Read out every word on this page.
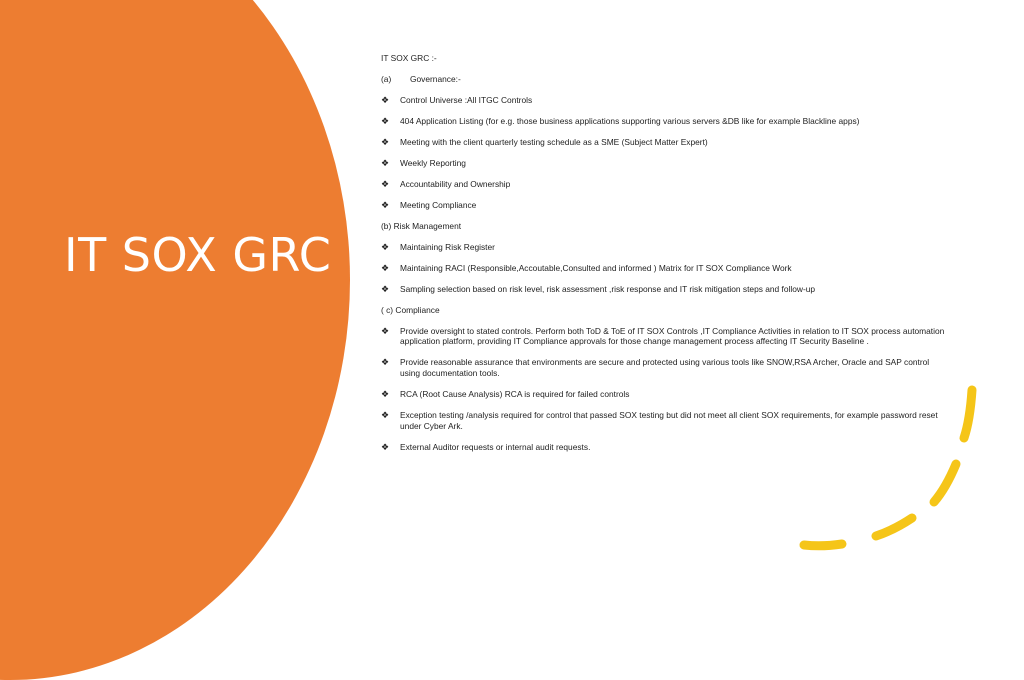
IT SOX GRC
IT SOX GRC :-
(a) Governance:-
❖	Control Universe :All ITGC Controls
❖	404 Application Listing (for e.g. those business applications supporting various servers &DB like for example Blackline apps)
❖	Meeting with the client quarterly testing schedule as a SME (Subject Matter Expert)
❖	Weekly Reporting
❖	Accountability and Ownership
❖	Meeting Compliance
(b) Risk Management
❖	Maintaining Risk Register
❖	Maintaining RACI (Responsible,Accoutable,Consulted and informed ) Matrix for IT SOX Compliance Work
❖	Sampling selection based on risk level, risk assessment ,risk response and IT risk mitigation steps and follow-up
( c) Compliance
❖	Provide oversight to stated controls. Perform both ToD & ToE of IT SOX Controls ,IT Compliance Activities in relation to IT SOX process automation application platform, providing IT Compliance approvals for those change management process affecting IT Security Baseline .
❖	Provide reasonable assurance that environments are secure and protected using various tools like SNOW,RSA Archer, Oracle and SAP control using documentation tools.
❖	RCA (Root Cause Analysis) RCA is required for failed controls
❖	Exception testing /analysis required for control that passed SOX testing but did not meet all client SOX requirements, for example password reset under Cyber Ark.
❖	External Auditor requests or internal audit requests.
